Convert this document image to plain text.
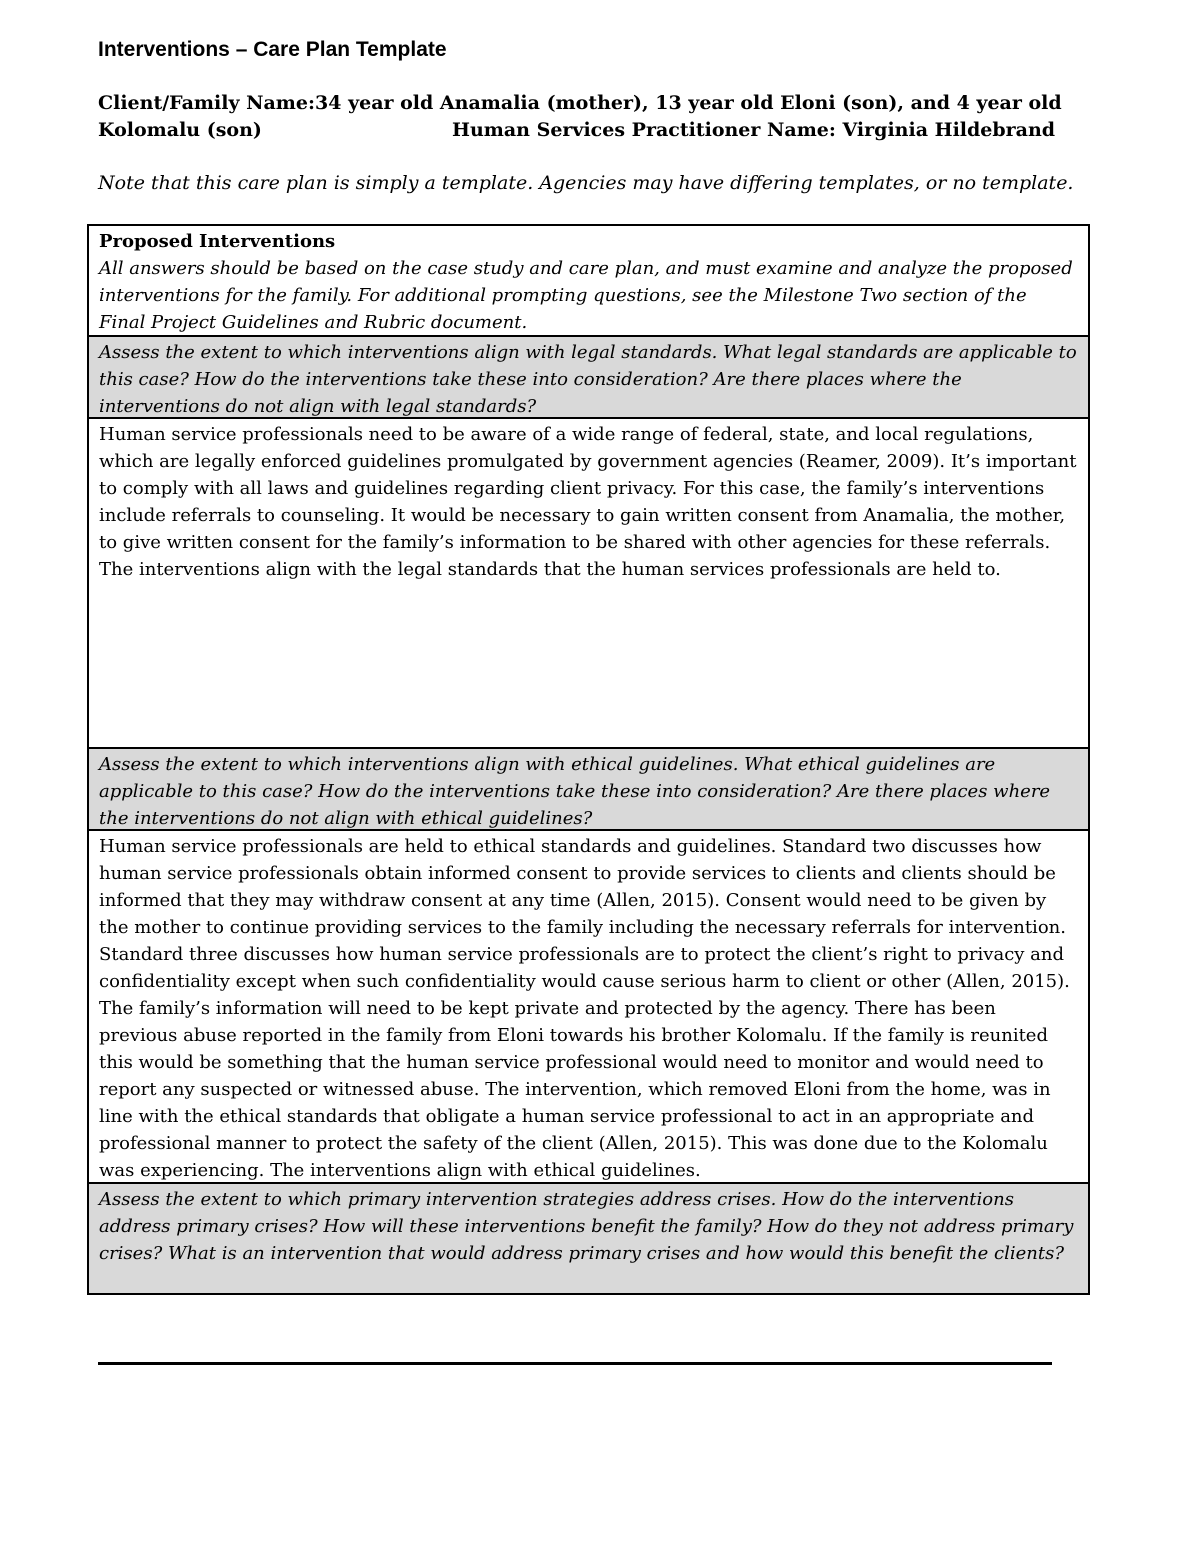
Interventions – Care Plan Template
Client/Family Name:34 year old Anamalia (mother), 13 year old Eloni (son), and 4 year old
Kolomalu (son)	Human Services Practitioner Name: Virginia Hildebrand
Note that this care plan is simply a template. Agencies may have differing templates, or no template.
Proposed Interventions
All answers should be based on the case study and care plan, and must examine and analyze the proposed interventions for the family. For additional prompting questions, see the Milestone Two section of the Final Project Guidelines and Rubric document.
Assess the extent to which interventions align with legal standards. What legal standards are applicable to this case? How do the interventions take these into consideration? Are there places where the interventions do not align with legal standards?
Human service professionals need to be aware of a wide range of federal, state, and local regulations, which are legally enforced guidelines promulgated by government agencies (Reamer, 2009). It’s important to comply with all laws and guidelines regarding client privacy. For this case, the family’s interventions include referrals to counseling. It would be necessary to gain written consent from Anamalia, the mother, to give written consent for the family’s information to be shared with other agencies for these referrals. The interventions align with the legal standards that the human services professionals are held to.
Assess the extent to which interventions align with ethical guidelines. What ethical guidelines are applicable to this case? How do the interventions take these into consideration? Are there places where the interventions do not align with ethical guidelines?
Human service professionals are held to ethical standards and guidelines. Standard two discusses how human service professionals obtain informed consent to provide services to clients and clients should be informed that they may withdraw consent at any time (Allen, 2015). Consent would need to be given by the mother to continue providing services to the family including the necessary referrals for intervention. Standard three discusses how human service professionals are to protect the client’s right to privacy and confidentiality except when such confidentiality would cause serious harm to client or other (Allen, 2015). The family’s information will need to be kept private and protected by the agency. There has been previous abuse reported in the family from Eloni towards his brother Kolomalu. If the family is reunited this would be something that the human service professional would need to monitor and would need to report any suspected or witnessed abuse. The intervention, which removed Eloni from the home, was in line with the ethical standards that obligate a human service professional to act in an appropriate and professional manner to protect the safety of the client (Allen, 2015). This was done due to the Kolomalu was experiencing. The interventions align with ethical guidelines.
Assess the extent to which primary intervention strategies address crises. How do the interventions address primary crises? How will these interventions benefit the family? How do they not address primary crises? What is an intervention that would address primary crises and how would this benefit the clients?
